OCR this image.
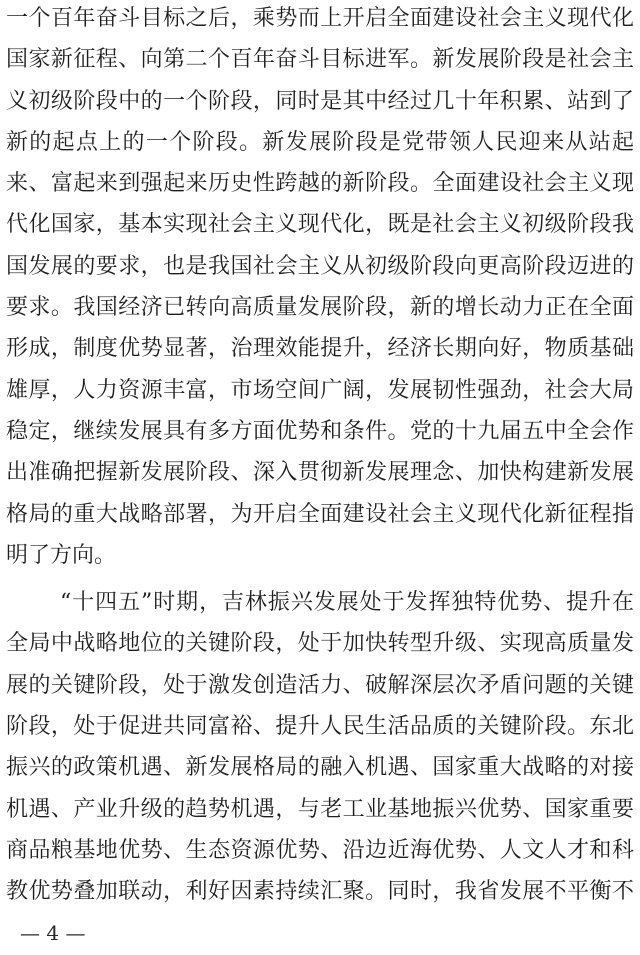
一个百年奋斗目标之后，乘势而上开启全面建设社会主义现代化
国家新征程、向第二个百年奋斗目标进军。新发展阶段是社会主
义初级阶段中的一个阶段，同时是其中经过几十年积累、站到了
新的起点上的一个阶段。新发展阶段是党带领人民迎来从站起
来、富起来到强起来历史性跨越的新阶段。全面建设社会主义现
代化国家，基本实现社会主义现代化，既是社会主义初级阶段我
国发展的要求，也是我国社会主义从初级阶段向更高阶段迈进的
要求。我国经济已转向高质量发展阶段，新的增长动力正在全面
形成，制度优势显著，治理效能提升，经济长期向好，物质基础
雄厚，人力资源丰富，市场空间广阔，发展韧性强劲，社会大局
稳定，继续发展具有多方面优势和条件。党的十九届五中全会作
出准确把握新发展阶段、深入贯彻新发展理念、加快构建新发展
格局的重大战略部署，为开启全面建设社会主义现代化新征程指
明了方向。
“十四五”时期，吉林振兴发展处于发挥独特优势、提升在
全局中战略地位的关键阶段，处于加快转型升级、实现高质量发
展的关键阶段，处于激发创造活力、破解深层次矛盾问题的关键
阶段，处于促进共同富裕、提升人民生活品质的关键阶段。东北
振兴的政策机遇、新发展格局的融入机遇、国家重大战略的对接
机遇、产业升级的趋势机遇，与老工业基地振兴优势、国家重要
商品粮基地优势、生态资源优势、沿边近海优势、人文人才和科
教优势叠加联动，利好因素持续汇聚。同时，我省发展不平衡不
— 4 —
